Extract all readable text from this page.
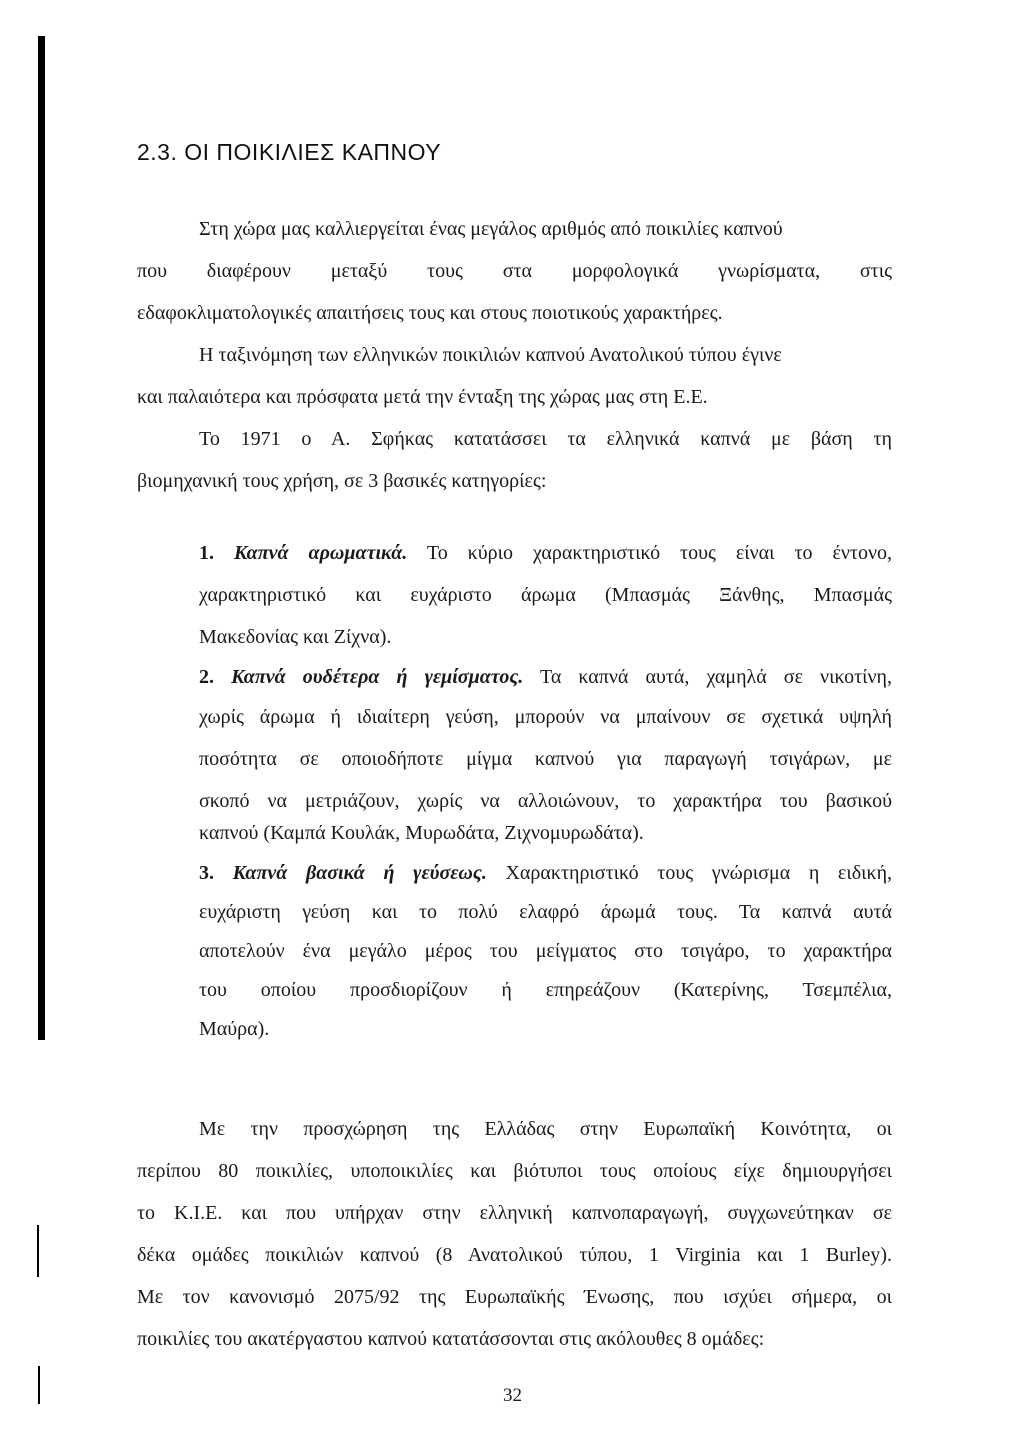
2.3. ΟΙ ΠΟΙΚΙΛΙΕΣ ΚΑΠΝΟΥ
Στη χώρα μας καλλιεργείται ένας μεγάλος αριθμός από ποικιλίες καπνού
που διαφέρουν μεταξύ τους στα μορφολογικά γνωρίσματα, στις
εδαφοκλιματολογικές απαιτήσεις τους και στους ποιοτικούς χαρακτήρες.
Η ταξινόμηση των ελληνικών ποικιλιών καπνού Ανατολικού τύπου έγινε
και παλαιότερα και πρόσφατα μετά την ένταξη της χώρας μας στη Ε.Ε.
Το 1971 ο Α. Σφήκας κατατάσσει τα ελληνικά καπνά με βάση τη
βιομηχανική τους χρήση, σε 3 βασικές κατηγορίες:
1. Καπνά αρωματικά. Το κύριο χαρακτηριστικό τους είναι το έντονο,
χαρακτηριστικό και ευχάριστο άρωμα (Μπασμάς Ξάνθης, Μπασμάς
Μακεδονίας και Ζίχνα).
2. Καπνά ουδέτερα ή γεμίσματος. Τα καπνά αυτά, χαμηλά σε νικοτίνη,
χωρίς άρωμα ή ιδιαίτερη γεύση, μπορούν να μπαίνουν σε σχετικά υψηλή
ποσότητα σε οποιοδήποτε μίγμα καπνού για παραγωγή τσιγάρων, με
σκοπό να μετριάζουν, χωρίς να αλλοιώνουν, το χαρακτήρα του βασικού
καπνού (Καμπά Κουλάκ, Μυρωδάτα, Ζιχνομυρωδάτα).
3. Καπνά βασικά ή γεύσεως. Χαρακτηριστικό τους γνώρισμα η ειδική,
ευχάριστη γεύση και το πολύ ελαφρό άρωμά τους. Τα καπνά αυτά
αποτελούν ένα μεγάλο μέρος του μείγματος στο τσιγάρο, το χαρακτήρα
του οποίου προσδιορίζουν ή επηρεάζουν (Κατερίνης, Τσεμπέλια,
Μαύρα).
Με την προσχώρηση της Ελλάδας στην Ευρωπαϊκή Κοινότητα, οι
περίπου 80 ποικιλίες, υποποικιλίες και βιότυποι τους οποίους είχε δημιουργήσει
το Κ.Ι.Ε. και που υπήρχαν στην ελληνική καπνοπαραγωγή, συγχωνεύτηκαν σε
δέκα ομάδες ποικιλιών καπνού (8 Ανατολικού τύπου, 1 Virginia και 1 Burley).
Με τον κανονισμό 2075/92 της Ευρωπαϊκής Ένωσης, που ισχύει σήμερα, οι
ποικιλίες του ακατέργαστου καπνού κατατάσσονται στις ακόλουθες 8 ομάδες:
32
